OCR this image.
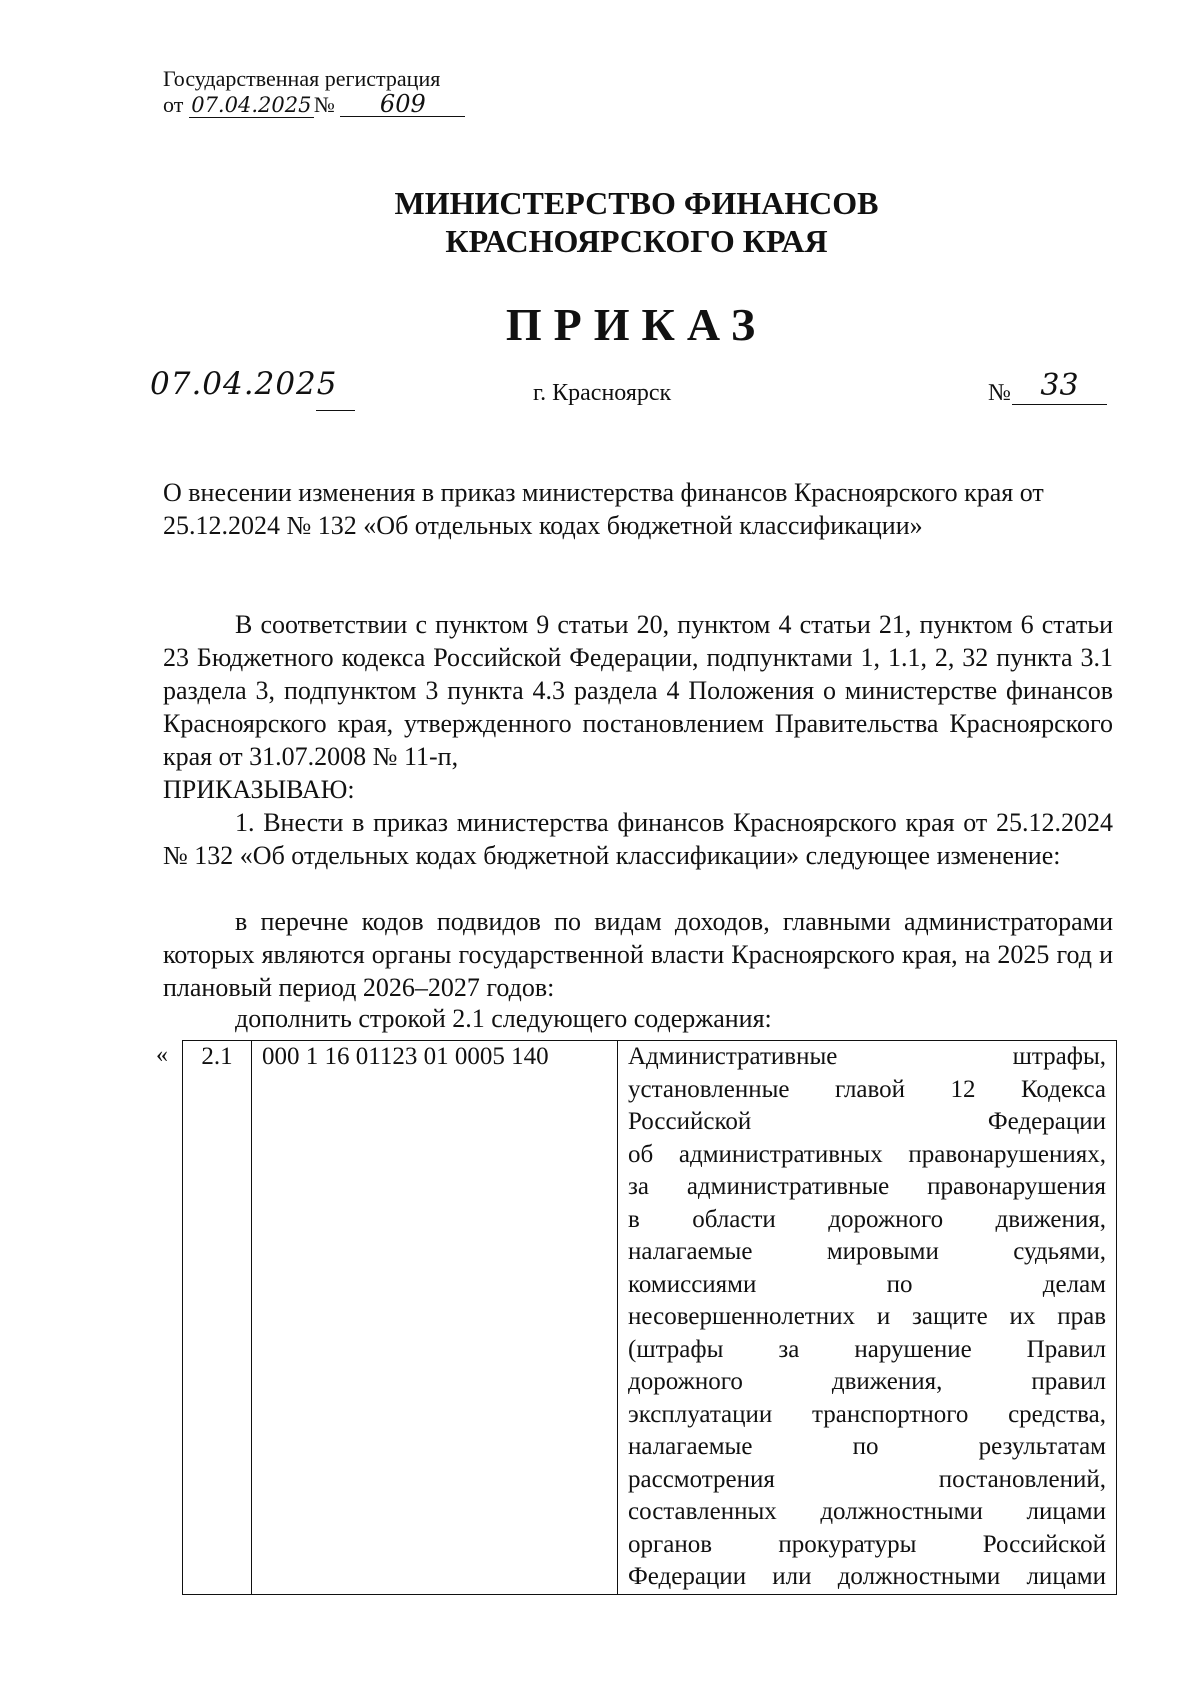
Государственная регистрация
от 07.04.2025 № 609
МИНИСТЕРСТВО ФИНАНСОВ
КРАСНОЯРСКОГО КРАЯ
ПРИКАЗ
07.04.2025	г. Красноярск	№ 33
О внесении изменения в приказ министерства финансов Красноярского края от 25.12.2024 № 132 «Об отдельных кодах бюджетной классификации»
В соответствии с пунктом 9 статьи 20, пунктом 4 статьи 21, пунктом 6 статьи 23 Бюджетного кодекса Российской Федерации, подпунктами 1, 1.1, 2, 32 пункта 3.1 раздела 3, подпунктом 3 пункта 4.3 раздела 4 Положения о министерстве финансов Красноярского края, утвержденного постановлением Правительства Красноярского края от 31.07.2008 № 11-п,
ПРИКАЗЫВАЮ:
1. Внести в приказ министерства финансов Красноярского края от 25.12.2024 № 132 «Об отдельных кодах бюджетной классификации» следующее изменение:
в перечне кодов подвидов по видам доходов, главными администраторами которых являются органы государственной власти Красноярского края, на 2025 год и плановый период 2026–2027 годов:
дополнить строкой 2.1 следующего содержания:
« 2.1	000 1 16 01123 01 0005 140	Административные штрафы,
установленные главой 12 Кодекса
Российской Федерации
об административных правонарушениях,
за административные правонарушения
в области дорожного движения,
налагаемые мировыми судьями,
комиссиями по делам
несовершеннолетних и защите их прав
(штрафы за нарушение Правил
дорожного движения, правил
эксплуатации транспортного средства,
налагаемые по результатам
рассмотрения постановлений,
составленных должностными лицами
органов прокуратуры Российской
Федерации или должностными лицами
